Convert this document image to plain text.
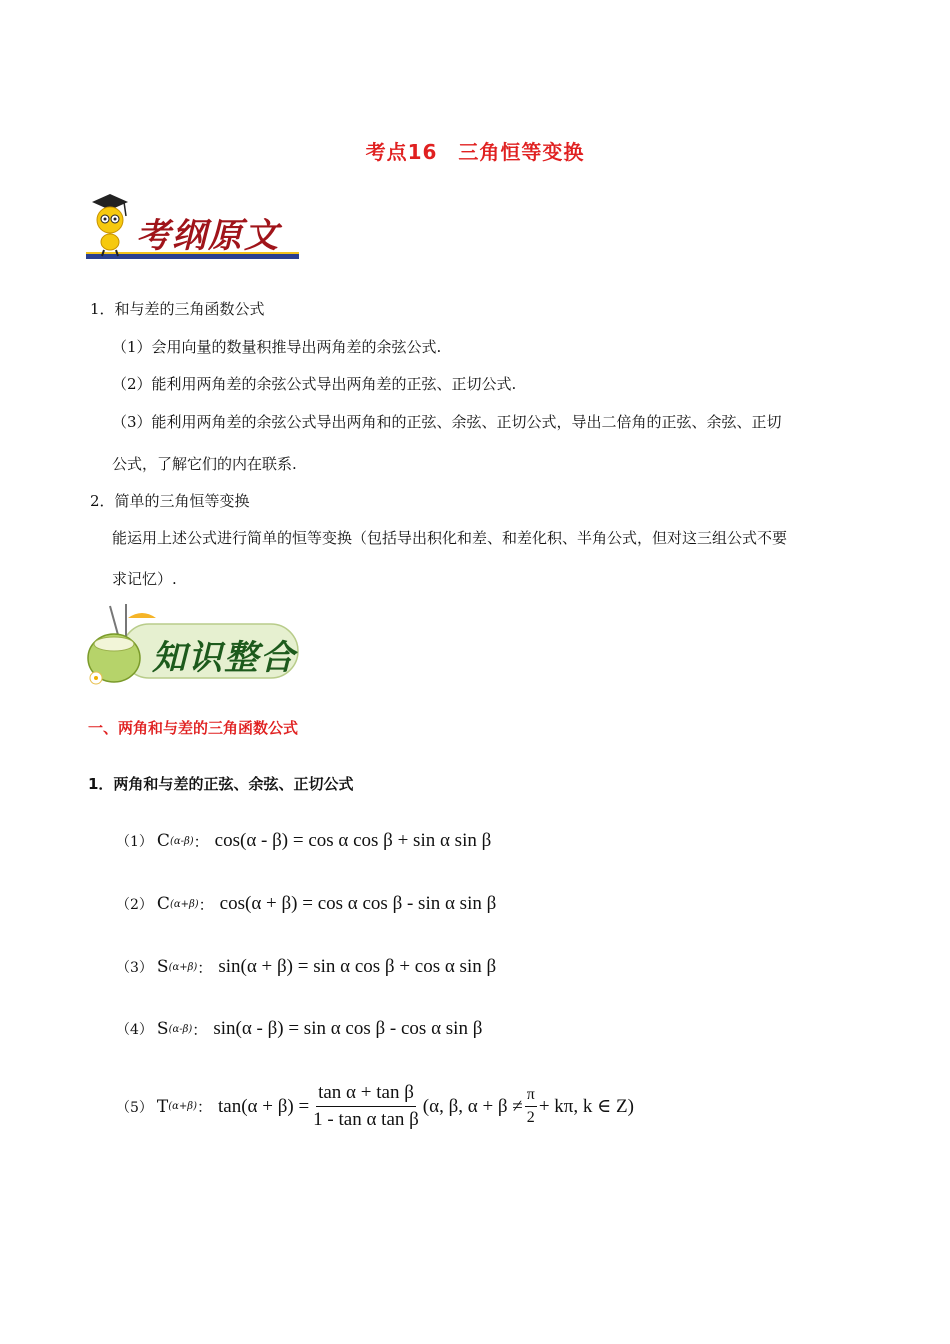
考点16　三角恒等变换
考纲原文
1．和与差的三角函数公式
（1）会用向量的数量积推导出两角差的余弦公式.
（2）能利用两角差的余弦公式导出两角差的正弦、正切公式.
（3）能利用两角差的余弦公式导出两角和的正弦、余弦、正切公式，导出二倍角的正弦、余弦、正切
公式，了解它们的内在联系.
2．简单的三角恒等变换
能运用上述公式进行简单的恒等变换（包括导出积化和差、和差化积、半角公式，但对这三组公式不要
求记忆）.
知识整合
一、两角和与差的三角函数公式
1．两角和与差的正弦、余弦、正切公式
（1） C (α-β) ： cos(α - β) = cos α cos β + sin α sin β
（2） C (α+β) ： cos(α + β) = cos α cos β - sin α sin β
（3） S (α+β) ： sin(α + β) = sin α cos β + cos α sin β
（4） S (α-β) ： sin(α - β) = sin α cos β - cos α sin β
（5） T (α+β) ： $\tan(\alpha + \beta) = \frac{\text{tan α + tan β}}{\text{1 - tan α tan β}} (\alpha$, β, $\alpha + \beta \ne \frac{\pi}{2} + k\pi$, k ∈ Z)
